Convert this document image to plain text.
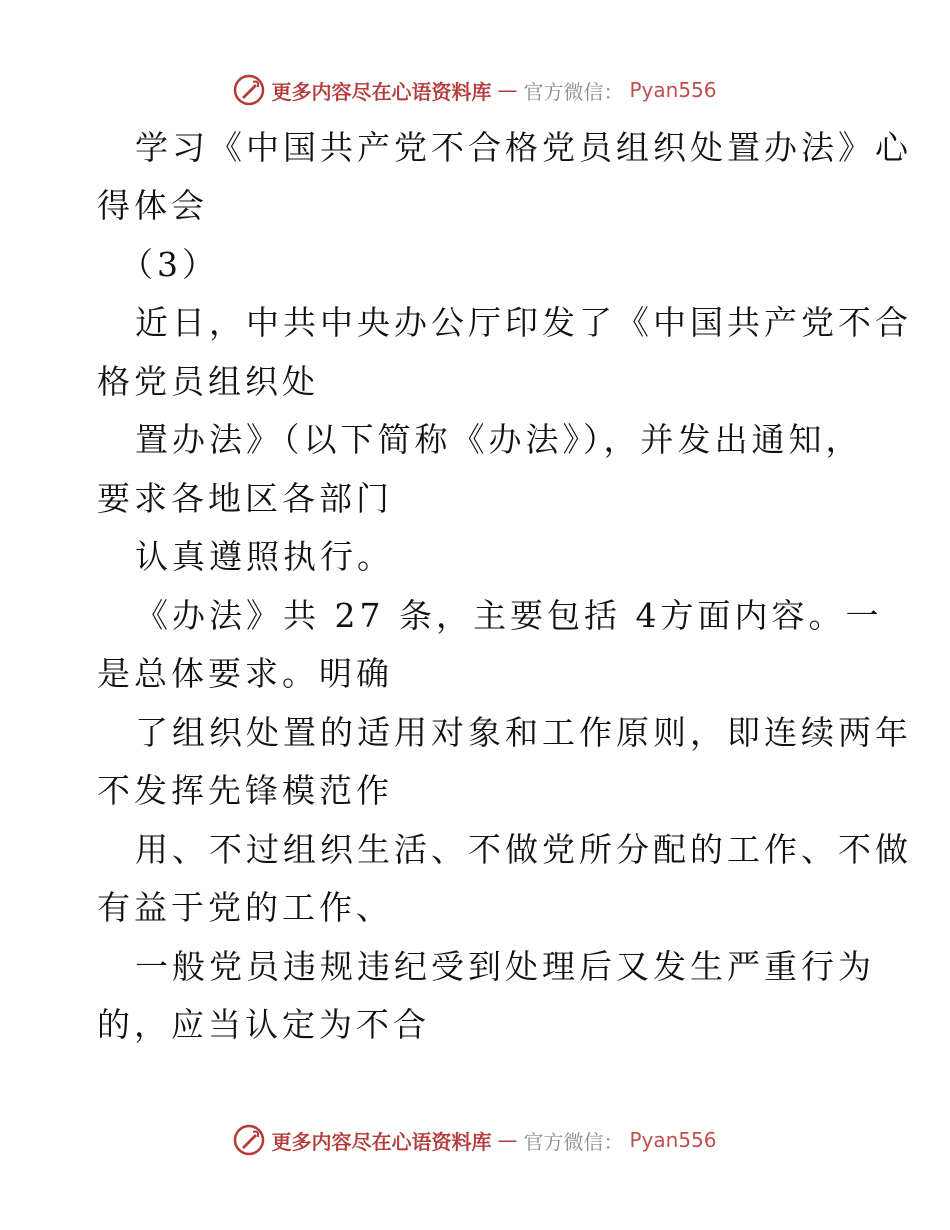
更多内容尽在心语资料库 — 官方微信： Pyan556
学习《中国共产党不合格党员组织处置办法》心
得体会
（3）
近日，中共中央办公厅印发了《中国共产党不合
格党员组织处
置办法》（以下简称《办法》），并发出通知，
要求各地区各部门
认真遵照执行。
《办法》共 27 条，主要包括 4方面内容。一
是总体要求。明确
了组织处置的适用对象和工作原则，即连续两年
不发挥先锋模范作
用、不过组织生活、不做党所分配的工作、不做
有益于党的工作、
一般党员违规违纪受到处理后又发生严重行为
的，应当认定为不合
更多内容尽在心语资料库 — 官方微信： Pyan556
